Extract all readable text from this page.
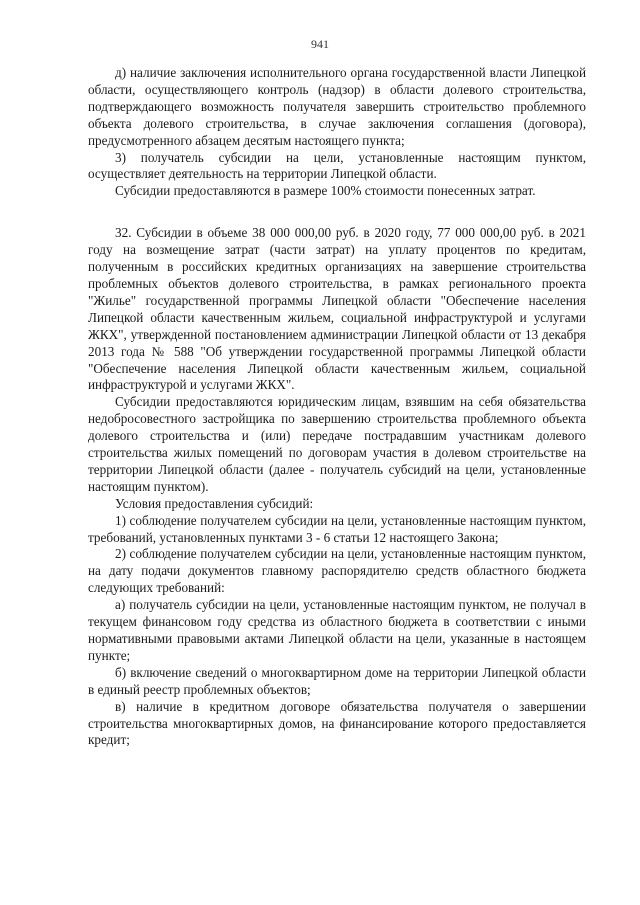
941

д) наличие заключения исполнительного органа государственной власти Липецкой области, осуществляющего контроль (надзор) в области долевого строительства, подтверждающего возможность получателя завершить строительство проблемного объекта долевого строительства, в случае заключения соглашения (договора), предусмотренного абзацем десятым настоящего пункта;

3) получатель субсидии на цели, установленные настоящим пунктом, осуществляет деятельность на территории Липецкой области.

Субсидии предоставляются в размере 100% стоимости понесенных затрат.

32. Субсидии в объеме 38 000 000,00 руб. в 2020 году, 77 000 000,00 руб. в 2021 году на возмещение затрат (части затрат) на уплату процентов по кредитам, полученным в российских кредитных организациях на завершение строительства проблемных объектов долевого строительства, в рамках регионального проекта "Жилье" государственной программы Липецкой области "Обеспечение населения Липецкой области качественным жильем, социальной инфраструктурой и услугами ЖКХ", утвержденной постановлением администрации Липецкой области от 13 декабря 2013 года № 588 "Об утверждении государственной программы Липецкой области "Обеспечение населения Липецкой области качественным жильем, социальной инфраструктурой и услугами ЖКХ".

Субсидии предоставляются юридическим лицам, взявшим на себя обязательства недобросовестного застройщика по завершению строительства проблемного объекта долевого строительства и (или) передаче пострадавшим участникам долевого строительства жилых помещений по договорам участия в долевом строительстве на территории Липецкой области (далее - получатель субсидий на цели, установленные настоящим пунктом).

Условия предоставления субсидий:

1) соблюдение получателем субсидии на цели, установленные настоящим пунктом, требований, установленных пунктами 3 - 6 статьи 12 настоящего Закона;

2) соблюдение получателем субсидии на цели, установленные настоящим пунктом, на дату подачи документов главному распорядителю средств областного бюджета следующих требований:

а) получатель субсидии на цели, установленные настоящим пунктом, не получал в текущем финансовом году средства из областного бюджета в соответствии с иными нормативными правовыми актами Липецкой области на цели, указанные в настоящем пункте;

б) включение сведений о многоквартирном доме на территории Липецкой области в единый реестр проблемных объектов;

в) наличие в кредитном договоре обязательства получателя о завершении строительства многоквартирных домов, на финансирование которого предоставляется кредит;
